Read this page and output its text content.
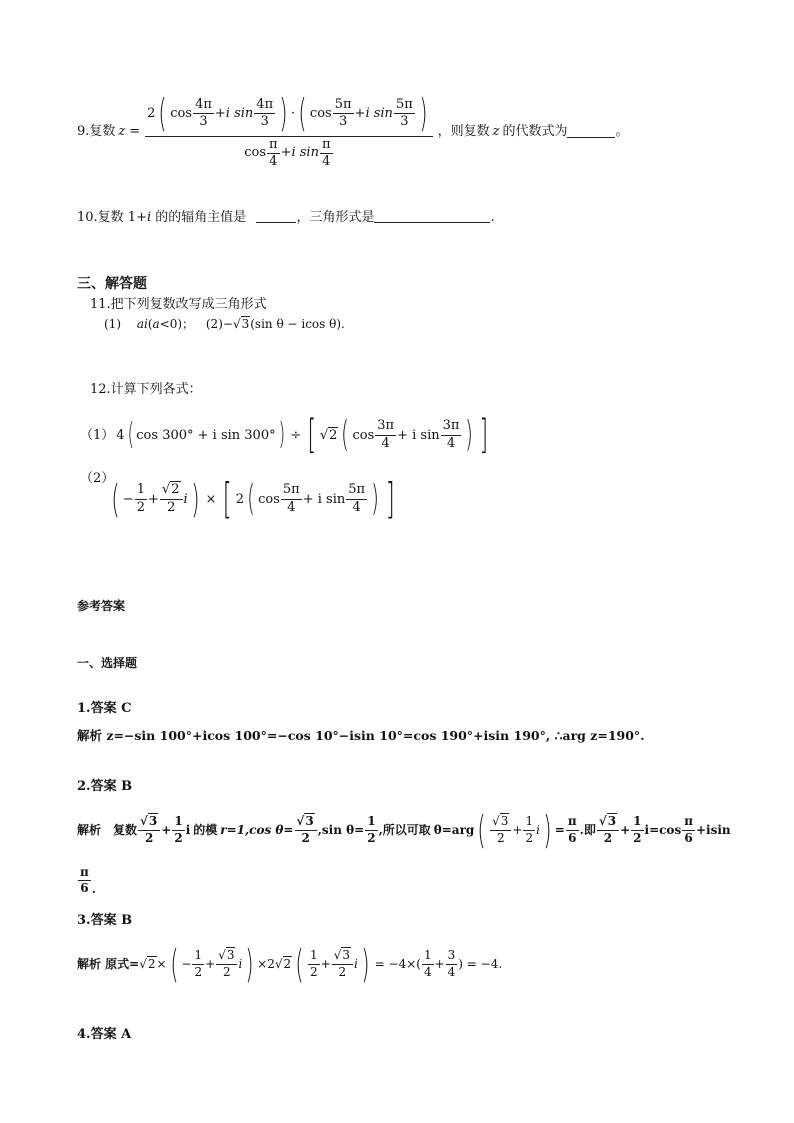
9.复数 z =
2 ( $\cos \frac{4\pi}{3} + i$ $\sin \frac{4\pi}{3}$ ) · ( $\cos \frac{5\pi}{3} + i$ $\sin \frac{5\pi}{3}$ )
$\cos \frac{\pi}{4} + i$ $\sin \frac{\pi}{4}$
，则复数 z 的代数式为	。
10.复数 1+i 的的辐角主值是	，三角形式是	.
三、解答题
11.把下列复数改写成三角形式
(1) ai(a<0)； (2)−√3(sin θ − icos θ).
12.计算下列各式：
（1） 4 ( cos 300° + i sin 300° ) ÷ [ √2 ( $\cos \frac{3\pi}{4} + i$ $\sin \frac{3\pi}{4}$ ) ]
（2）
( − $\frac{1}{2} + \frac{√2}{2}$ i ) × [ 2 ( $\cos \frac{5\pi}{4} + i$ $\sin \frac{5\pi}{4}$ ) ]
参考答案
一、选择题
1.答案 C
解析 z=−sin 100°+icos 100°=−cos 10°−isin 10°=cos 190°+isin 190°, ∴arg z=190°.
2.答案 B
解析 复数 $\frac{√3}{2} + \frac{1}{2}$ i 的模 r=1,cos $\theta= \frac{√3}{2} ,\sin$ $\theta= \frac{1}{2}$ ,所以可取 θ=arg ( $\frac{√3}{2} + \frac{1}{2}$ i ) = $\frac{\pi}{6}$ .即 $\frac{√3}{2} + \frac{1}{2} i=\cos \frac{\pi}{6} +isin$
$\frac{\pi}{6}$ .
3.答案 B
解析 原式= √2 × ( − $\frac{1}{2} + \frac{√3}{2}$ i ) × 2 √2 ( $\frac{1}{2} + \frac{√3}{2}$ i ) = $-4\times( \frac{1}{4} + \frac{3}{4}$ ) = −4 .
4.答案 A
